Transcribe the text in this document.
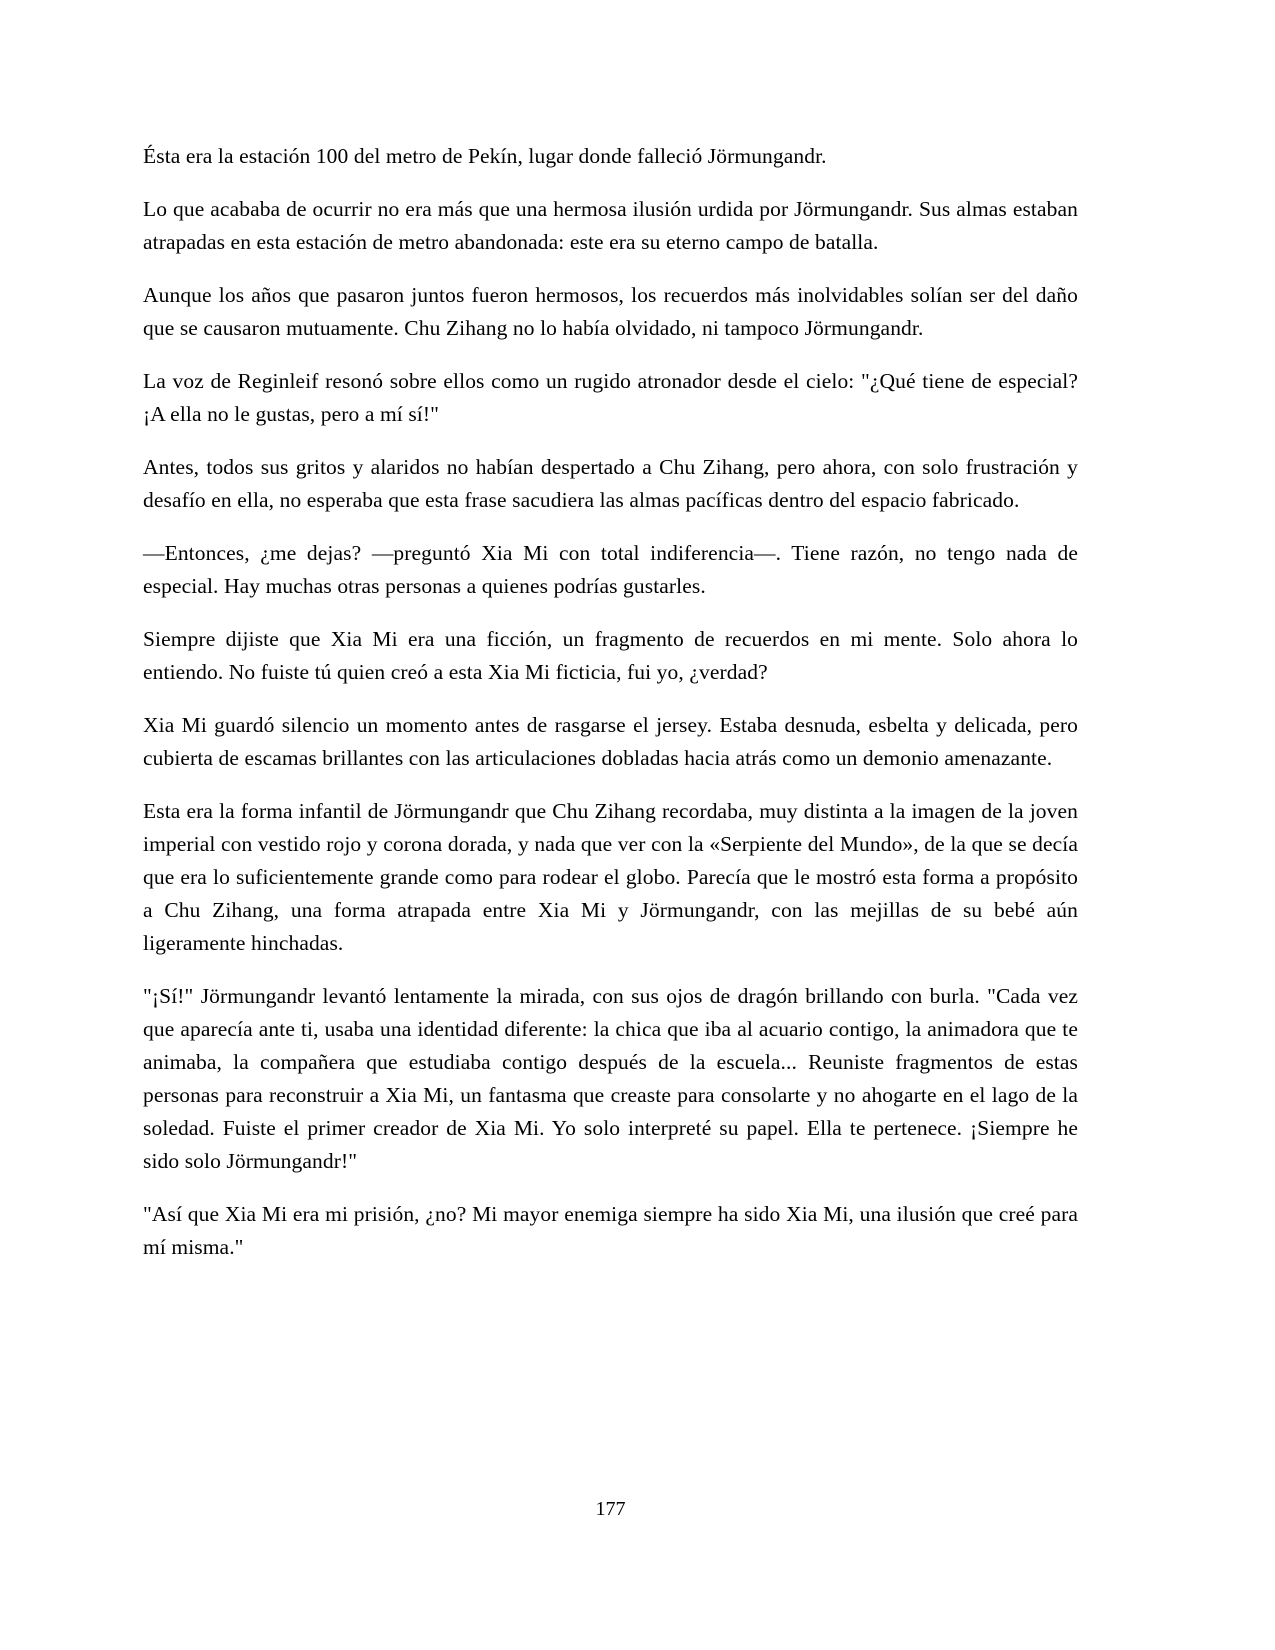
Ésta era la estación 100 del metro de Pekín, lugar donde falleció Jörmungandr.

Lo que acababa de ocurrir no era más que una hermosa ilusión urdida por Jörmungandr. Sus almas estaban atrapadas en esta estación de metro abandonada: este era su eterno campo de batalla.

Aunque los años que pasaron juntos fueron hermosos, los recuerdos más inolvidables solían ser del daño que se causaron mutuamente. Chu Zihang no lo había olvidado, ni tampoco Jörmungandr.

La voz de Reginleif resonó sobre ellos como un rugido atronador desde el cielo: "¿Qué tiene de especial? ¡A ella no le gustas, pero a mí sí!"

Antes, todos sus gritos y alaridos no habían despertado a Chu Zihang, pero ahora, con solo frustración y desafío en ella, no esperaba que esta frase sacudiera las almas pacíficas dentro del espacio fabricado.

—Entonces, ¿me dejas? —preguntó Xia Mi con total indiferencia—. Tiene razón, no tengo nada de especial. Hay muchas otras personas a quienes podrías gustarles.

Siempre dijiste que Xia Mi era una ficción, un fragmento de recuerdos en mi mente. Solo ahora lo entiendo. No fuiste tú quien creó a esta Xia Mi ficticia, fui yo, ¿verdad?

Xia Mi guardó silencio un momento antes de rasgarse el jersey. Estaba desnuda, esbelta y delicada, pero cubierta de escamas brillantes con las articulaciones dobladas hacia atrás como un demonio amenazante.

Esta era la forma infantil de Jörmungandr que Chu Zihang recordaba, muy distinta a la imagen de la joven imperial con vestido rojo y corona dorada, y nada que ver con la «Serpiente del Mundo», de la que se decía que era lo suficientemente grande como para rodear el globo. Parecía que le mostró esta forma a propósito a Chu Zihang, una forma atrapada entre Xia Mi y Jörmungandr, con las mejillas de su bebé aún ligeramente hinchadas.

"¡Sí!" Jörmungandr levantó lentamente la mirada, con sus ojos de dragón brillando con burla. "Cada vez que aparecía ante ti, usaba una identidad diferente: la chica que iba al acuario contigo, la animadora que te animaba, la compañera que estudiaba contigo después de la escuela... Reuniste fragmentos de estas personas para reconstruir a Xia Mi, un fantasma que creaste para consolarte y no ahogarte en el lago de la soledad. Fuiste el primer creador de Xia Mi. Yo solo interpreté su papel. Ella te pertenece. ¡Siempre he sido solo Jörmungandr!"

"Así que Xia Mi era mi prisión, ¿no? Mi mayor enemiga siempre ha sido Xia Mi, una ilusión que creé para mí misma."

177
